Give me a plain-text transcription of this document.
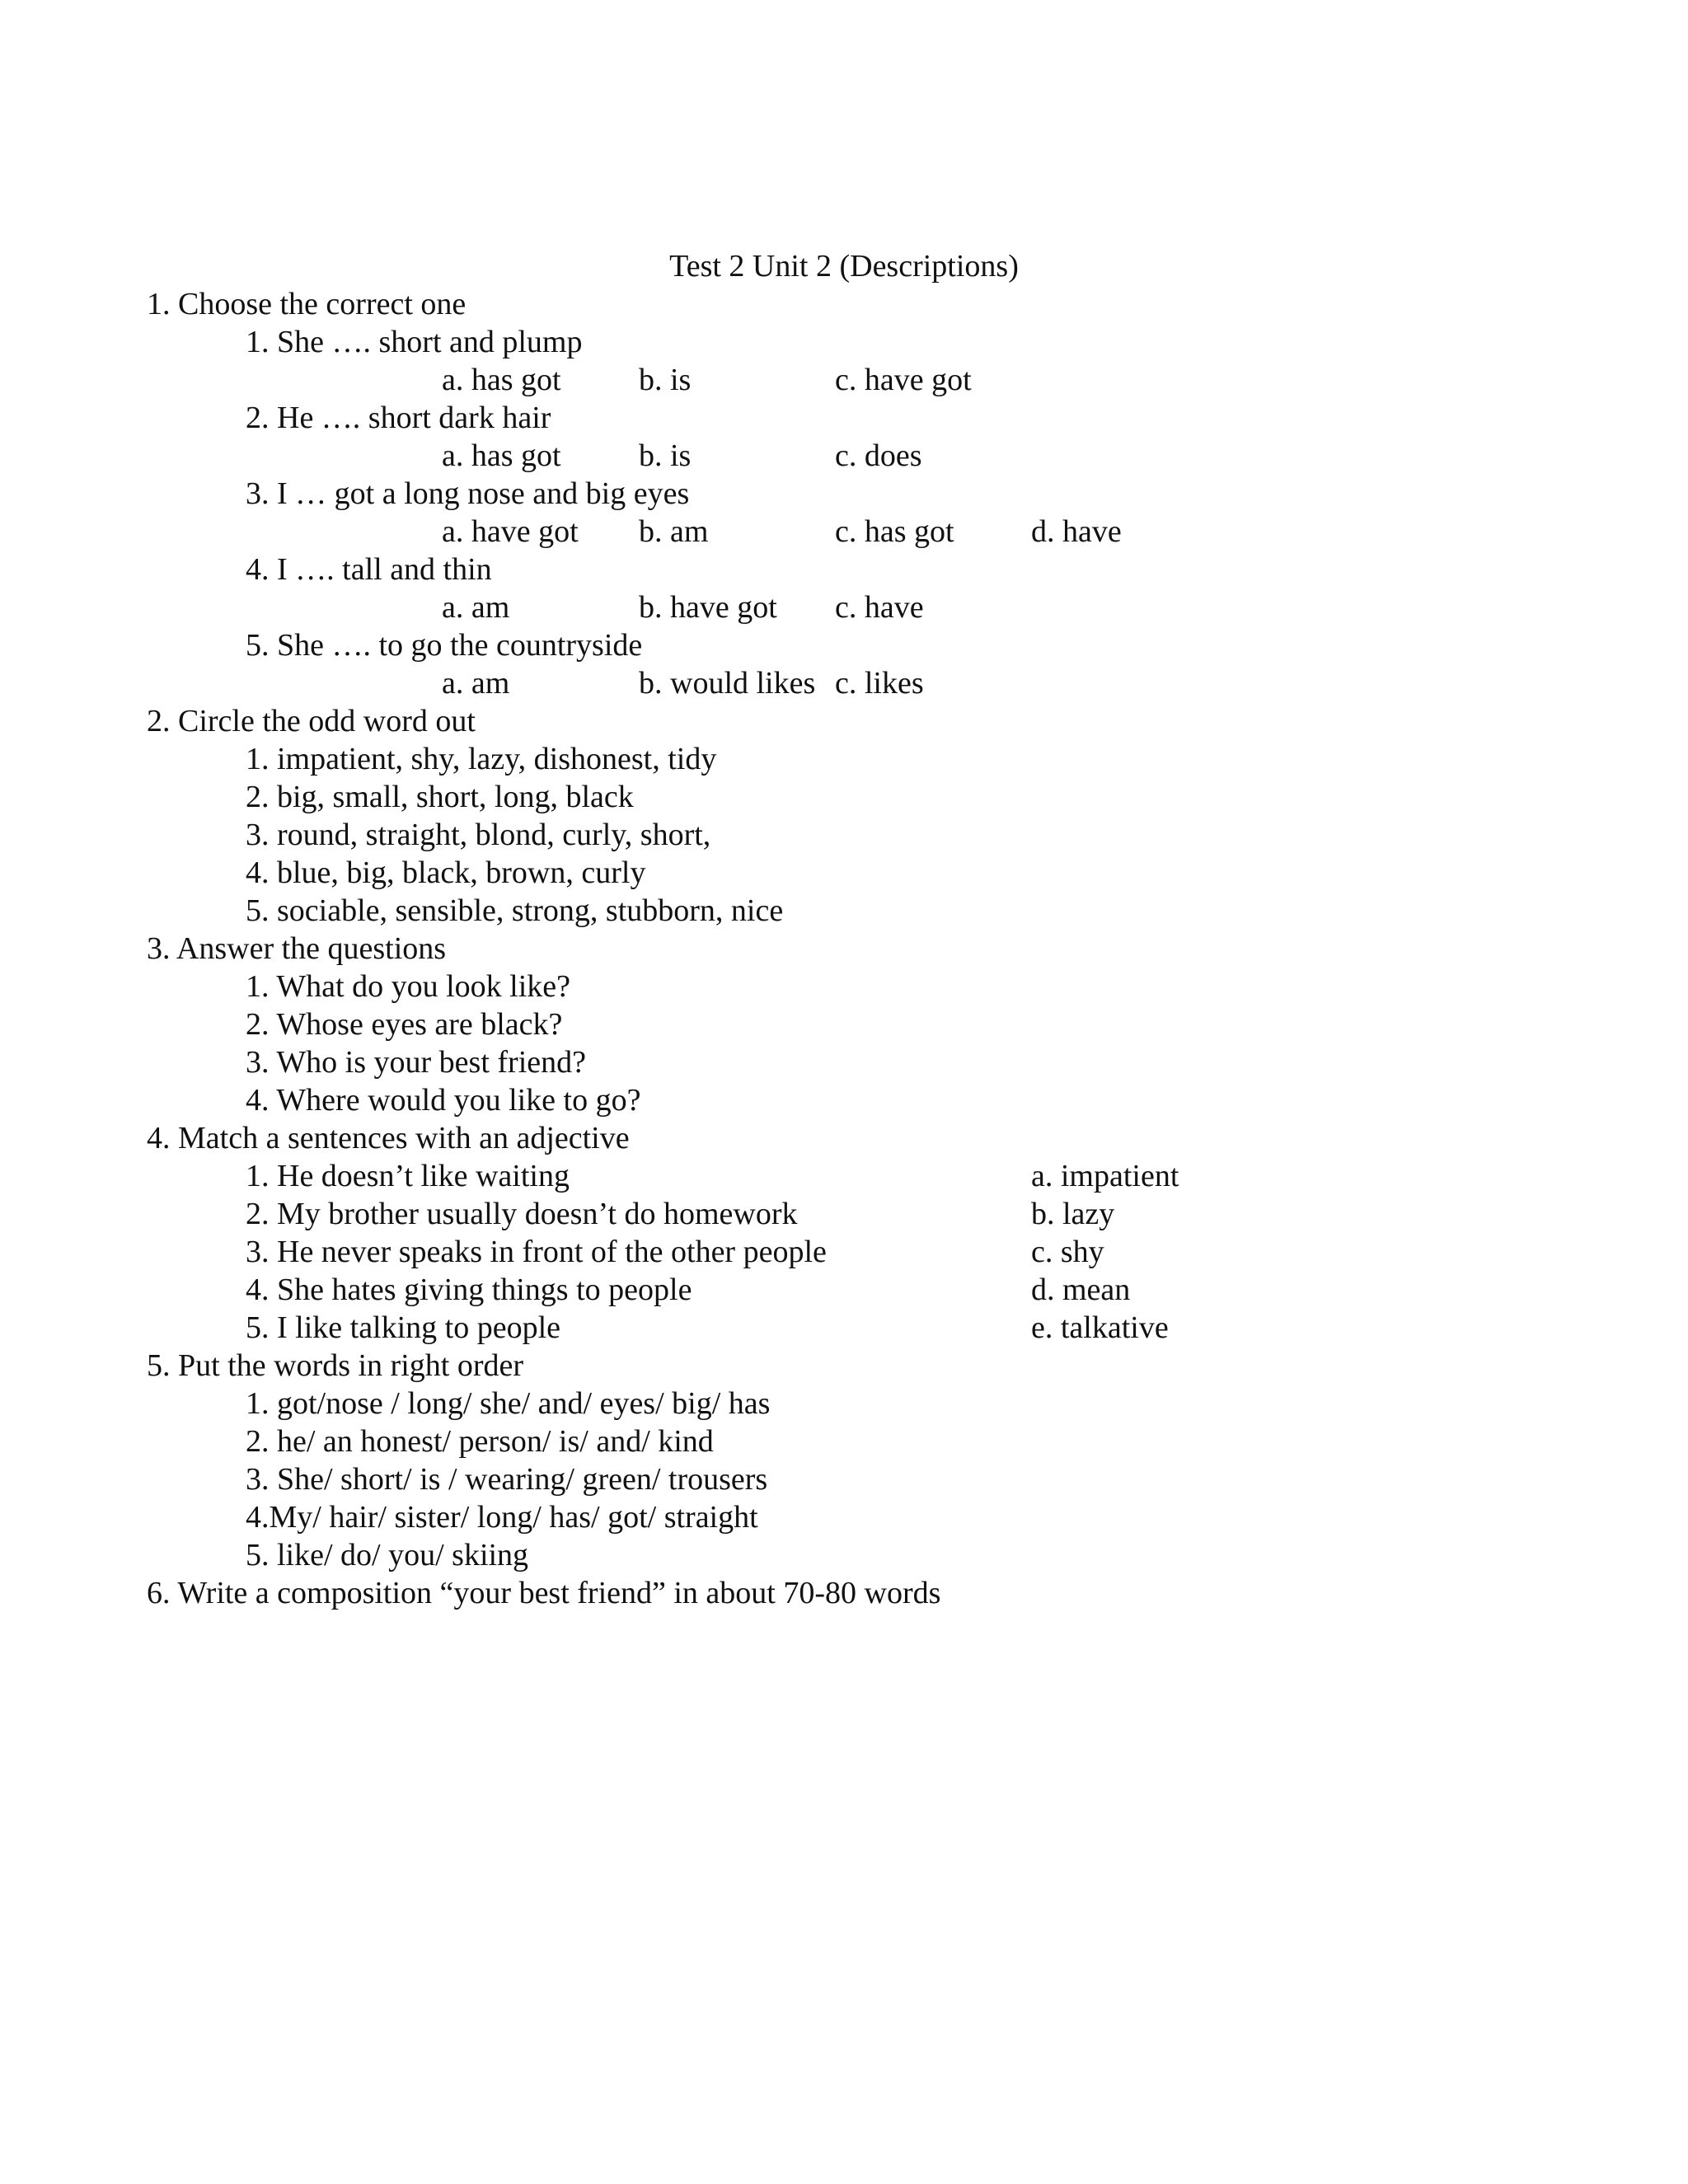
Test 2 Unit 2 (Descriptions)
1. Choose the correct one
1. She …. short and plump
a. has got b. is	c. have got
2. He …. short dark hair
a. has got b. is	c. does
3. I … got a long nose and big eyes
a. have got b. am	c. has got d. have
4. I …. tall and thin
a. am	b. have got c. have
5. She …. to go the countryside
a. am	b. would likes c. likes
2. Circle the odd word out
1. impatient, shy, lazy, dishonest, tidy
2. big, small, short, long, black
3. round, straight, blond, curly, short,
4. blue, big, black, brown, curly
5. sociable, sensible, strong, stubborn, nice
3. Answer the questions
1. What do you look like?
2. Whose eyes are black?
3. Who is your best friend?
4. Where would you like to go?
4. Match a sentences with an adjective
1. He doesn’t like waiting	a. impatient
2. My brother usually doesn’t do homework	b. lazy
3. He never speaks in front of the other people	c. shy
4. She hates giving things to people	d. mean
5. I like talking to people	e. talkative
5. Put the words in right order
1. got/nose / long/ she/ and/ eyes/ big/ has
2. he/ an honest/ person/ is/ and/ kind
3. She/ short/ is / wearing/ green/ trousers
4.My/ hair/ sister/ long/ has/ got/ straight
5. like/ do/ you/ skiing
6. Write a composition “your best friend” in about 70-80 words
